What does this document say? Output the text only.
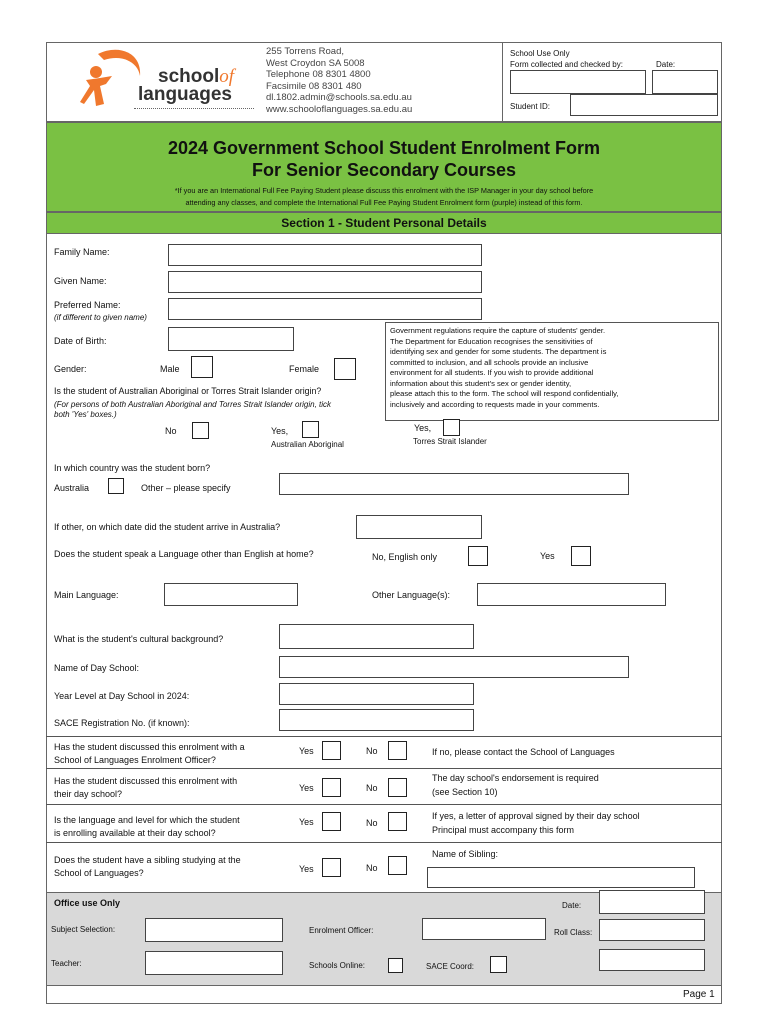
schoolof
languages
255 Torrens Road,
West Croydon SA 5008
Telephone 08 8301 4800
Facsimile 08 8301 480
dl.1802.admin@schools.sa.edu.au
www.schooloflanguages.sa.edu.au
School Use Only
Form collected and checked by:	Date:
Student ID:
2024 Government School Student Enrolment Form
For Senior Secondary Courses
*If you are an International Full Fee Paying Student please discuss this enrolment with the ISP Manager in your day school before
attending any classes, and complete the International Full Fee Paying Student Enrolment form (purple) instead of this form.
Section 1 - Student Personal Details
Family Name:
Given Name:
Preferred Name:
(if different to given name)
Date of Birth:
Gender:	Male	Female
Government regulations require the capture of students' gender.
The Department for Education recognises the sensitivities of
identifying sex and gender for some students. The department is
committed to inclusion, and all schools provide an inclusive
environment for all students. If you wish to provide additional
information about this student's sex or gender identity,
please attach this to the form. The school will respond confidentially,
inclusively and according to requests made in your comments.
Is the student of Australian Aboriginal or Torres Strait Islander origin?
(For persons of both Australian Aboriginal and Torres Strait Islander origin, tick
both 'Yes' boxes.)
No	Yes,
Australian Aboriginal
Yes,
Torres Strait Islander
In which country was the student born?
Australia	Other – please specify
If other, on which date did the student arrive in Australia?
Does the student speak a Language other than English at home?	No, English only	Yes
Main Language:	Other Language(s):
What is the student's cultural background?
Name of Day School:
Year Level at Day School in 2024:
SACE Registration No. (if known):
Has the student discussed this enrolment with a
School of Languages Enrolment Officer?
Yes	No	If no, please contact the School of Languages
Has the student discussed this enrolment with
their day school?
Yes	No
The day school's endorsement is required
(see Section 10)
Is the language and level for which the student
is enrolling available at their day school?
Yes	No
If yes, a letter of approval signed by their day school
Principal must accompany this form
Does the student have a sibling studying at the
School of Languages?	Yes	No
Name of Sibling:
Office use Only	Date:
Subject Selection:	Enrolment Officer:	Roll Class:
Teacher:	Schools Online:	SACE Coord:
Page 1
